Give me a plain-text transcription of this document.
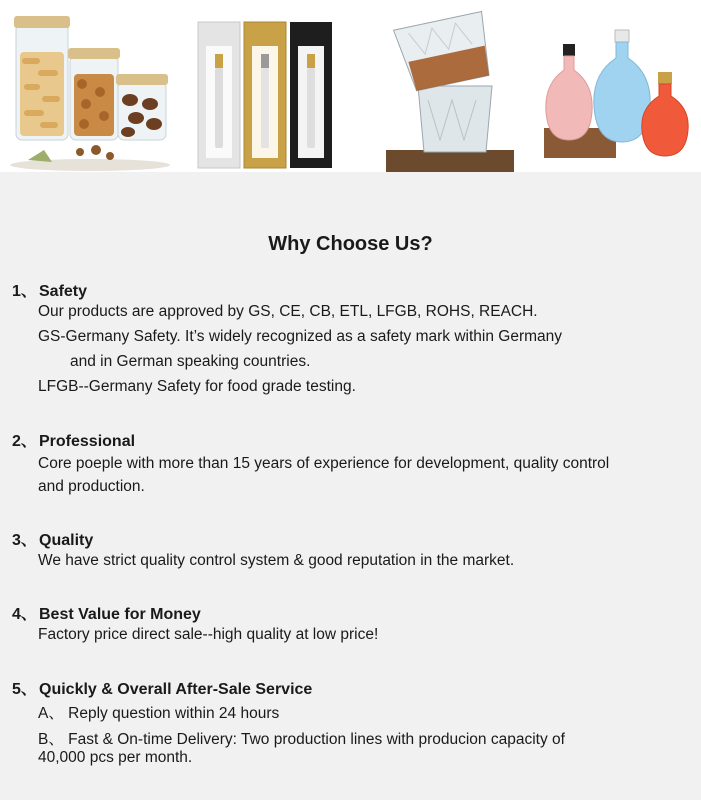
Why Choose Us?
1、 Safety
Our products are approved by GS, CE, CB, ETL, LFGB, ROHS, REACH.
GS-Germany Safety. It’s widely recognized as a safety mark within Germany
and in German speaking countries.
LFGB--Germany Safety for food grade testing.
2、 Professional
Core poeple with more than 15 years of experience for development, quality control
and production.
3、 Quality
We have strict quality control system & good reputation in the market.
4、 Best Value for Money
Factory price direct sale--high quality at low price!
5、 Quickly & Overall After-Sale Service
A、 Reply question within 24 hours
B、 Fast & On-time Delivery: Two production lines with producion capacity of
40,000 pcs per month.
